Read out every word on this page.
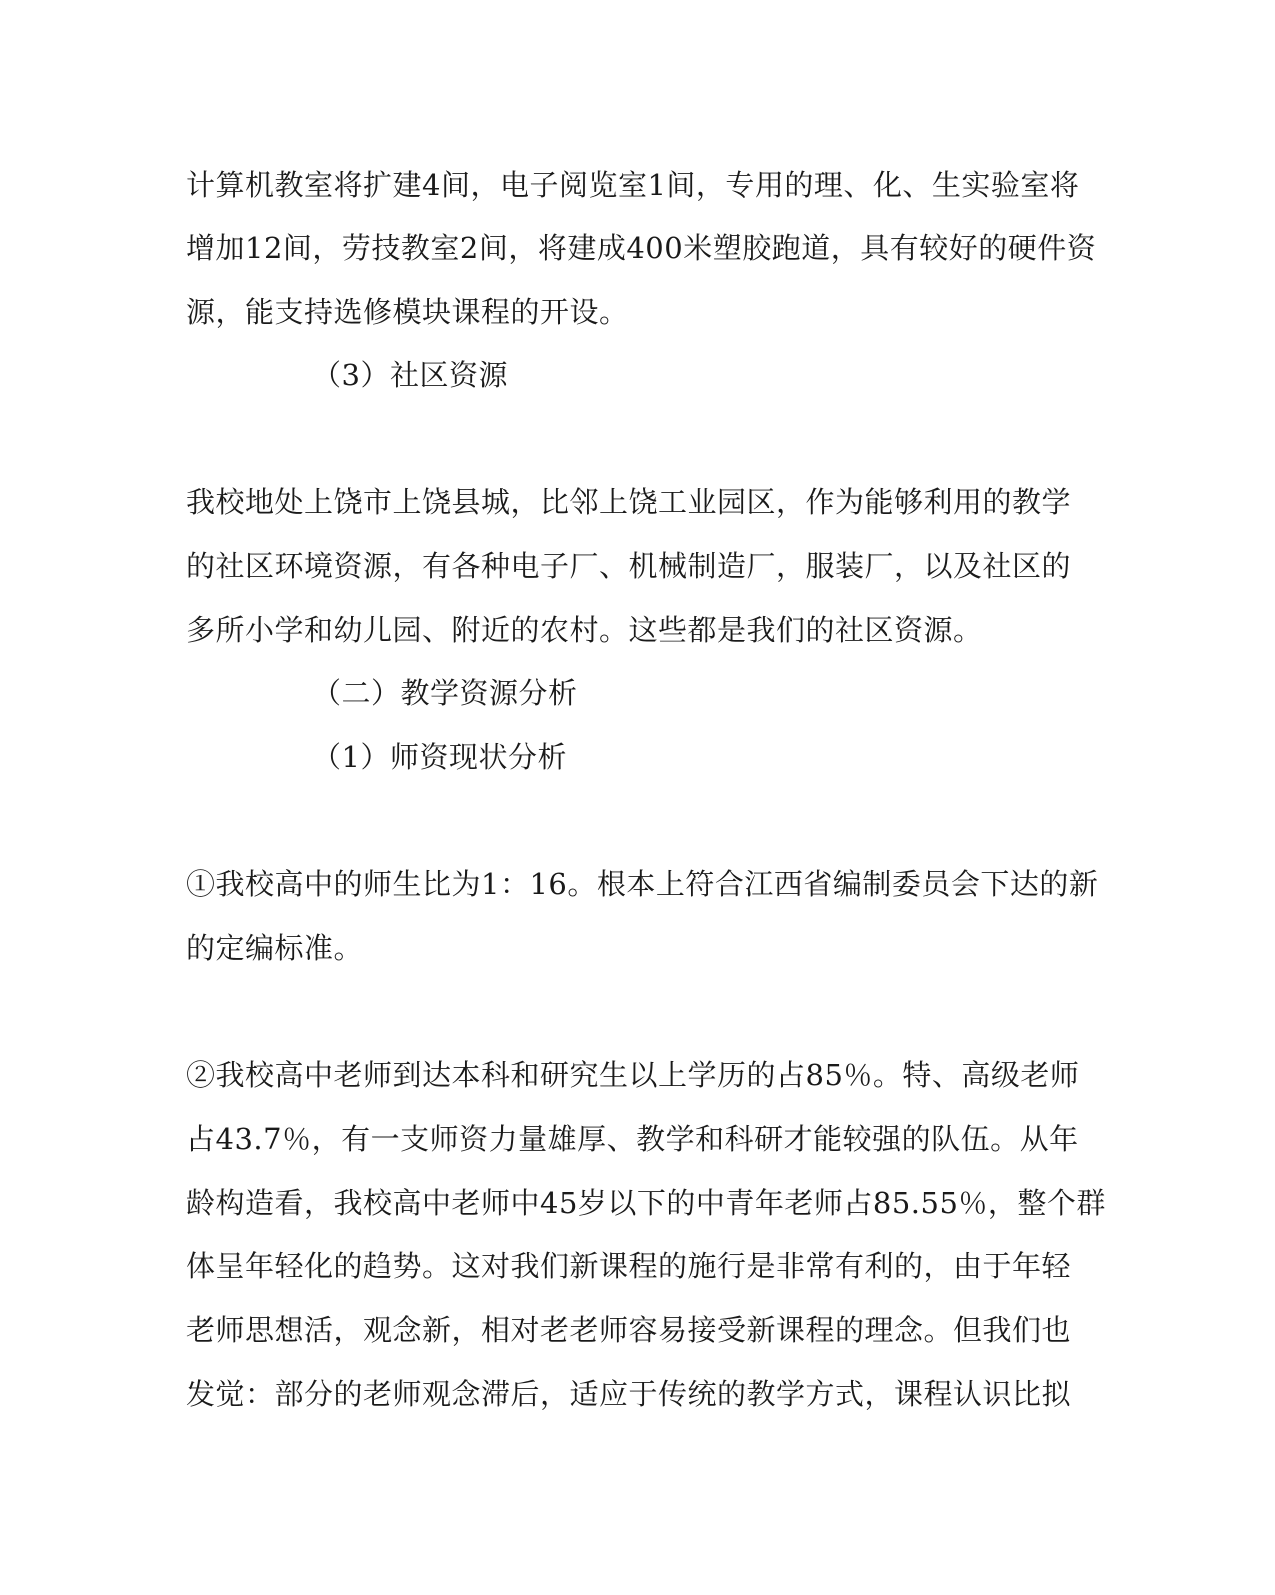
计算机教室将扩建4间，电子阅览室1间，专用的理、化、生实验室将
增加12间，劳技教室2间，将建成400米塑胶跑道，具有较好的硬件资
源，能支持选修模块课程的开设。
（3）社区资源
我校地处上饶市上饶县城，比邻上饶工业园区，作为能够利用的教学
的社区环境资源，有各种电子厂、机械制造厂，服装厂，以及社区的
多所小学和幼儿园、附近的农村。这些都是我们的社区资源。
（二）教学资源分析
（1）师资现状分析
①我校高中的师生比为1：16。根本上符合江西省编制委员会下达的新
的定编标准。
②我校高中老师到达本科和研究生以上学历的占85％。特、高级老师
占43.7％，有一支师资力量雄厚、教学和科研才能较强的队伍。从年
龄构造看，我校高中老师中45岁以下的中青年老师占85.55％，整个群
体呈年轻化的趋势。这对我们新课程的施行是非常有利的，由于年轻
老师思想活，观念新，相对老老师容易接受新课程的理念。但我们也
发觉：部分的老师观念滞后，适应于传统的教学方式，课程认识比拟
